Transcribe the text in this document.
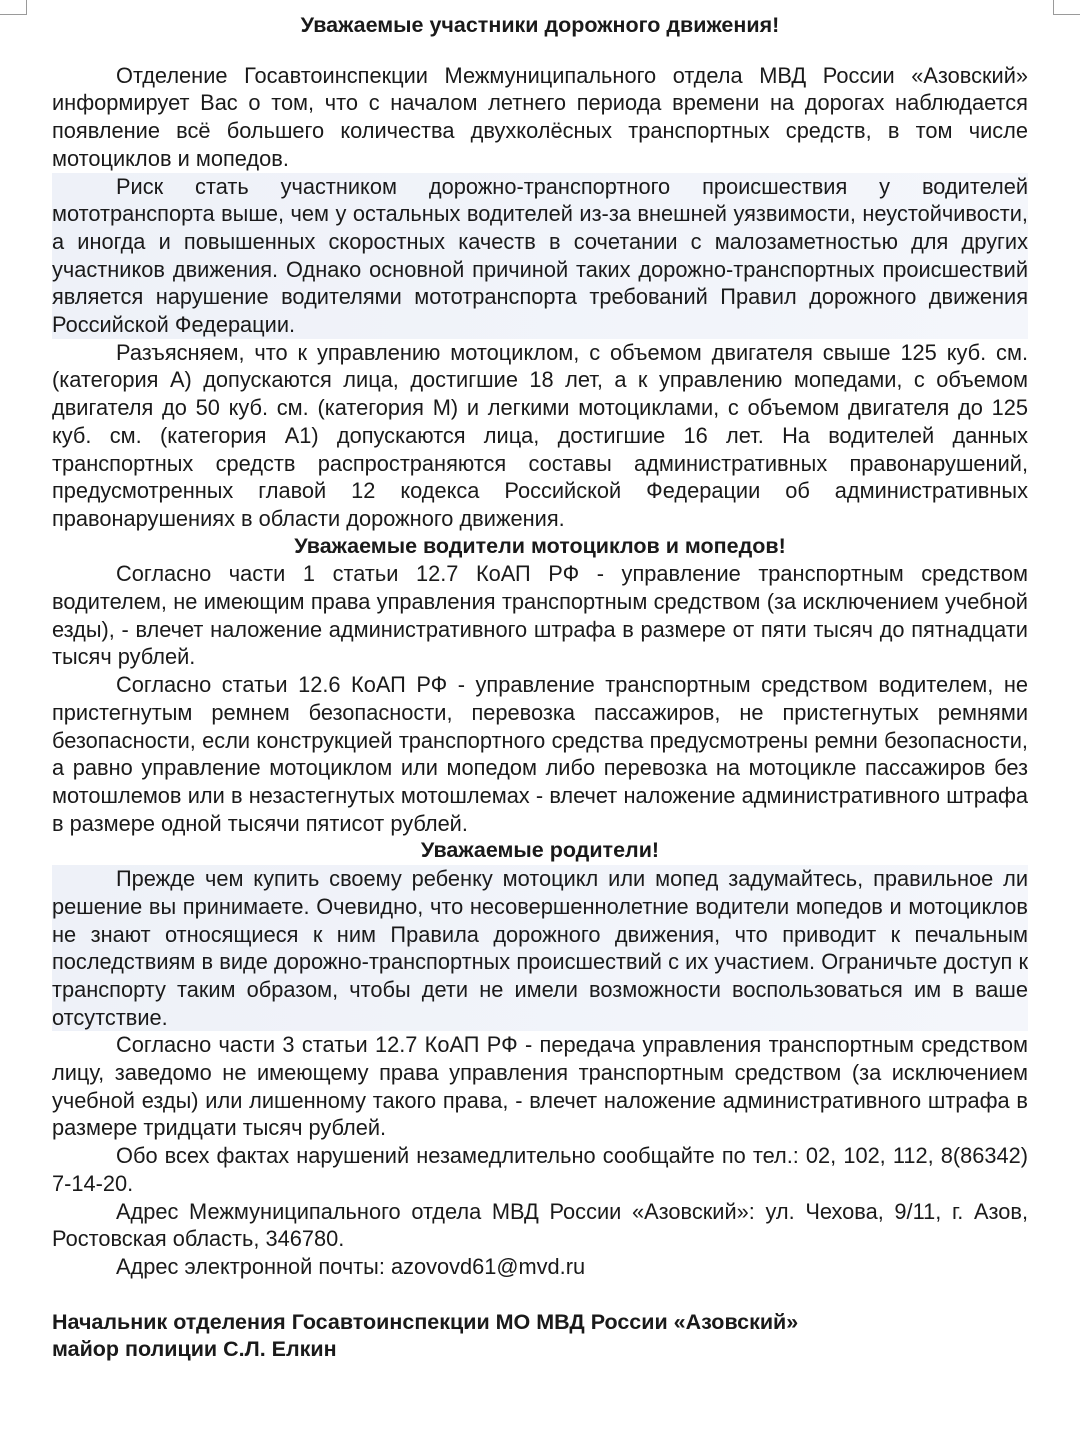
Уважаемые участники дорожного движения!

Отделение Госавтоинспекции Межмуниципального отдела МВД России «Азовский» информирует Вас о том, что с началом летнего периода времени на дорогах наблюдается появление всё большего количества двухколёсных транспортных средств, в том числе мотоциклов и мопедов.

Риск стать участником дорожно-транспортного происшествия у водителей мототранспорта выше, чем у остальных водителей из-за внешней уязвимости, неустойчивости, а иногда и повышенных скоростных качеств в сочетании с малозаметностью для других участников движения. Однако основной причиной таких дорожно-транспортных происшествий является нарушение водителями мототранспорта требований Правил дорожного движения Российской Федерации.

Разъясняем, что к управлению мотоциклом, с объемом двигателя свыше 125 куб. см. (категория А) допускаются лица, достигшие 18 лет, а к управлению мопедами, с объемом двигателя до 50 куб. см. (категория М) и легкими мотоциклами, с объемом двигателя до 125 куб. см. (категория А1) допускаются лица, достигшие 16 лет. На водителей данных транспортных средств распространяются составы административных правонарушений, предусмотренных главой 12 кодекса Российской Федерации об административных правонарушениях в области дорожного движения.

Уважаемые водители мотоциклов и мопедов!

Согласно части 1 статьи 12.7 КоАП РФ - управление транспортным средством водителем, не имеющим права управления транспортным средством (за исключением учебной езды), - влечет наложение административного штрафа в размере от пяти тысяч до пятнадцати тысяч рублей.

Согласно статьи 12.6 КоАП РФ - управление транспортным средством водителем, не пристегнутым ремнем безопасности, перевозка пассажиров, не пристегнутых ремнями безопасности, если конструкцией транспортного средства предусмотрены ремни безопасности, а равно управление мотоциклом или мопедом либо перевозка на мотоцикле пассажиров без мотошлемов или в незастегнутых мотошлемах - влечет наложение административного штрафа в размере одной тысячи пятисот рублей.

Уважаемые родители!

Прежде чем купить своему ребенку мотоцикл или мопед задумайтесь, правильное ли решение вы принимаете. Очевидно, что несовершеннолетние водители мопедов и мотоциклов не знают относящиеся к ним Правила дорожного движения, что приводит к печальным последствиям в виде дорожно-транспортных происшествий с их участием. Ограничьте доступ к транспорту таким образом, чтобы дети не имели возможности воспользоваться им в ваше отсутствие.

Согласно части 3 статьи 12.7 КоАП РФ - передача управления транспортным средством лицу, заведомо не имеющему права управления транспортным средством (за исключением учебной езды) или лишенному такого права, - влечет наложение административного штрафа в размере тридцати тысяч рублей.

Обо всех фактах нарушений незамедлительно сообщайте по тел.: 02, 102, 112, 8(86342) 7-14-20.

Адрес Межмуниципального отдела МВД России «Азовский»: ул. Чехова, 9/11, г. Азов, Ростовская область, 346780.

Адрес электронной почты: azovovd61@mvd.ru

Начальник отделения Госавтоинспекции МО МВД России «Азовский»
майор полиции С.Л. Елкин
